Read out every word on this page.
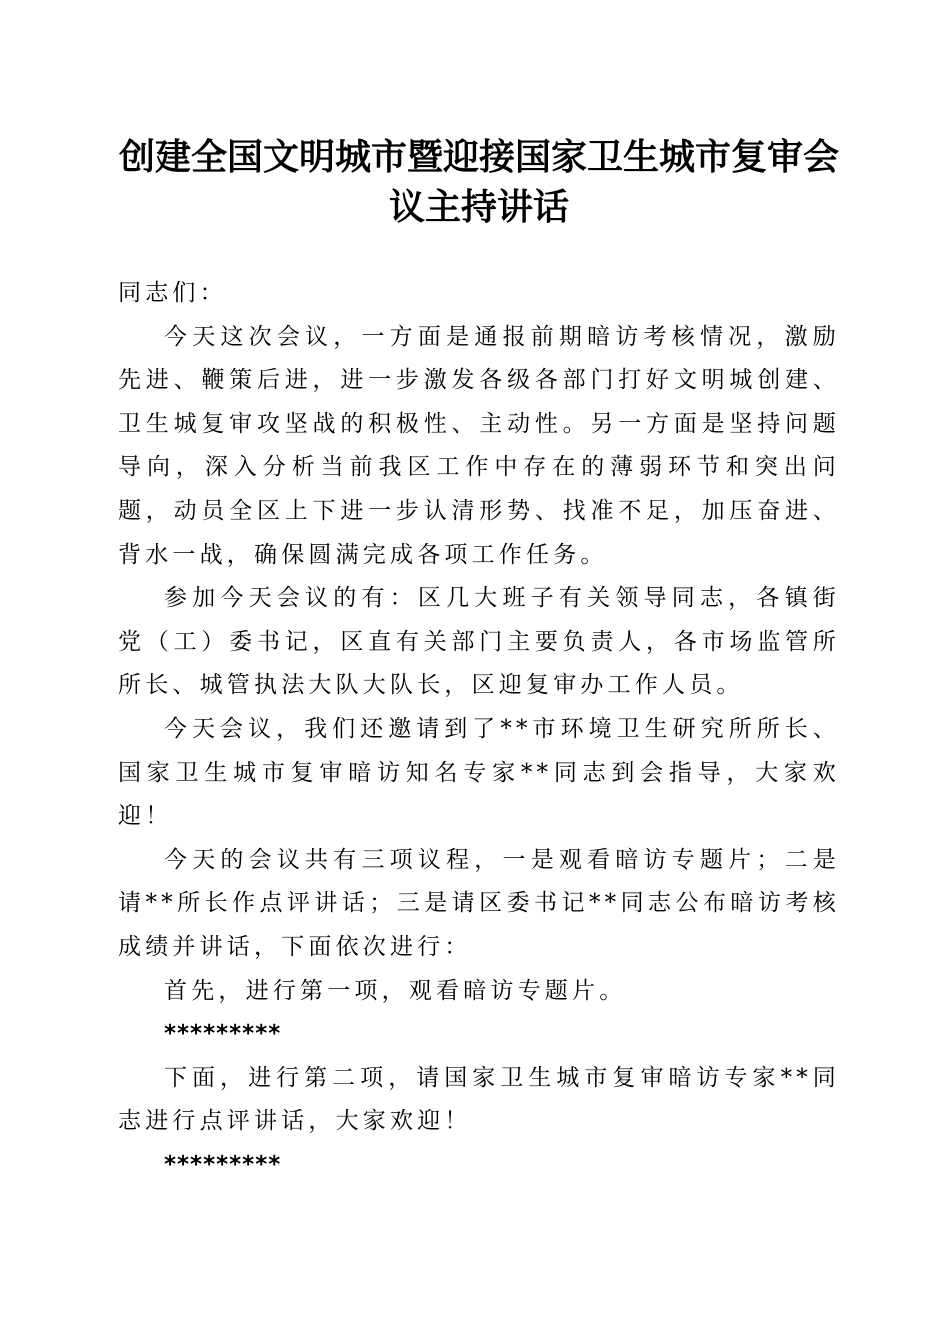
创建全国文明城市暨迎接国家卫生城市复审会
议主持讲话

同志们：

今天这次会议，一方面是通报前期暗访考核情况，激励先进、鞭策后进，进一步激发各级各部门打好文明城创建、卫生城复审攻坚战的积极性、主动性。另一方面是坚持问题导向，深入分析当前我区工作中存在的薄弱环节和突出问题，动员全区上下进一步认清形势、找准不足，加压奋进、背水一战，确保圆满完成各项工作任务。

参加今天会议的有：区几大班子有关领导同志，各镇街党（工）委书记，区直有关部门主要负责人，各市场监管所所长、城管执法大队大队长，区迎复审办工作人员。

今天会议，我们还邀请到了**市环境卫生研究所所长、国家卫生城市复审暗访知名专家**同志到会指导，大家欢迎！

今天的会议共有三项议程，一是观看暗访专题片；二是请**所长作点评讲话；三是请区委书记**同志公布暗访考核成绩并讲话，下面依次进行：

首先，进行第一项，观看暗访专题片。

*********

下面，进行第二项，请国家卫生城市复审暗访专家**同志进行点评讲话，大家欢迎！

*********
